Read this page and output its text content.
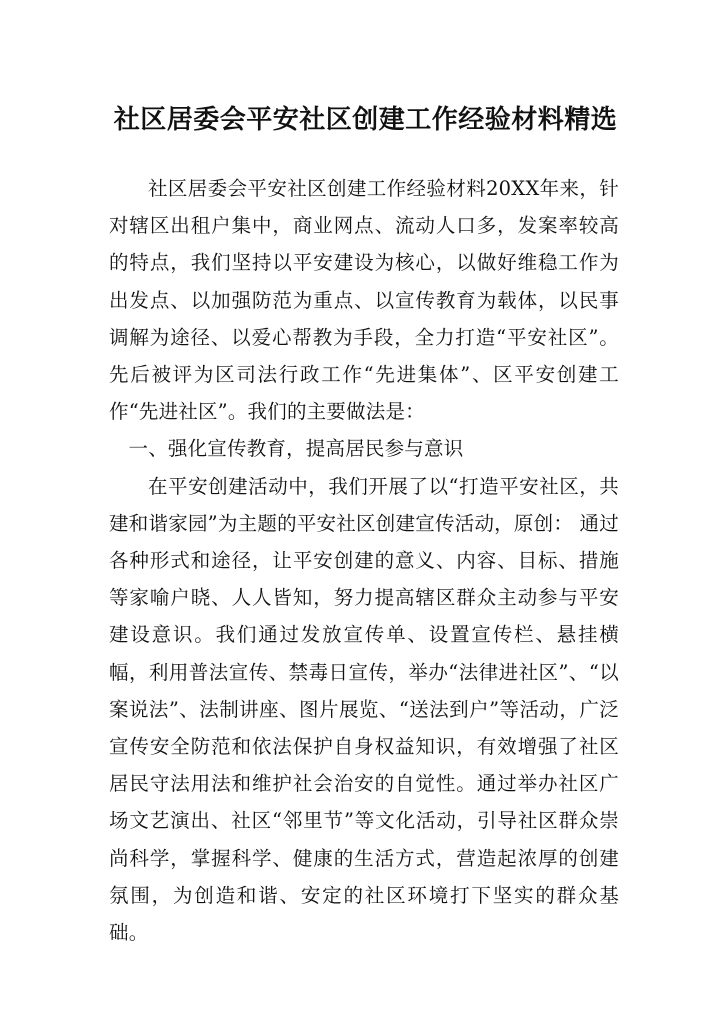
社区居委会平安社区创建工作经验材料精选

社区居委会平安社区创建工作经验材料20XX年来，针对辖区出租户集中，商业网点、流动人口多，发案率较高的特点，我们坚持以平安建设为核心，以做好维稳工作为出发点、以加强防范为重点、以宣传教育为载体，以民事调解为途径、以爱心帮教为手段，全力打造“平安社区”。先后被评为区司法行政工作“先进集体”、区平安创建工作“先进社区”。我们的主要做法是：

一、强化宣传教育，提高居民参与意识

在平安创建活动中，我们开展了以“打造平安社区，共建和谐家园”为主题的平安社区创建宣传活动，原创： 通过各种形式和途径，让平安创建的意义、内容、目标、措施等家喻户晓、人人皆知，努力提高辖区群众主动参与平安建设意识。我们通过发放宣传单、设置宣传栏、悬挂横幅，利用普法宣传、禁毒日宣传，举办“法律进社区”、“以案说法”、法制讲座、图片展览、“送法到户”等活动，广泛宣传安全防范和依法保护自身权益知识，有效增强了社区居民守法用法和维护社会治安的自觉性。通过举办社区广场文艺演出、社区“邻里节”等文化活动，引导社区群众崇尚科学，掌握科学、健康的生活方式，营造起浓厚的创建氛围，为创造和谐、安定的社区环境打下坚实的群众基础。
